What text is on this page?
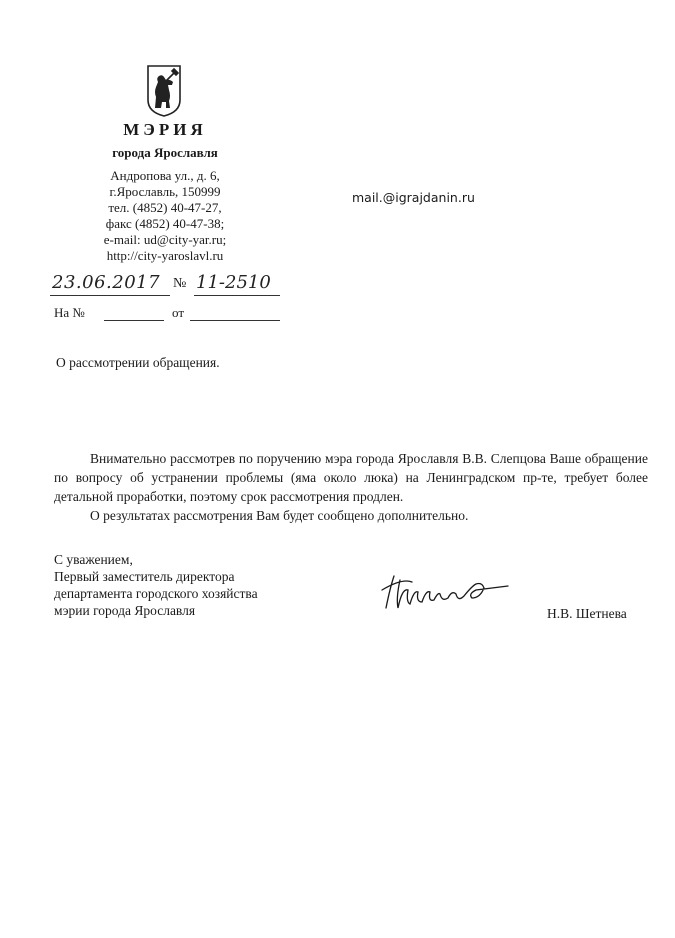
МЭРИЯ
города Ярославля
Андропова ул., д. 6,
г.Ярославль, 150999
тел. (4852) 40-47-27,
факс (4852) 40-47-38;
e-mail: ud@city-yar.ru;
http://city-yaroslavl.ru
mail.@igrajdanin.ru
23.06.2017 № 11-2510
На №	от
О рассмотрении обращения.

Внимательно рассмотрев по поручению мэра города Ярославля В.В. Слепцова Ваше обращение по вопросу об устранении проблемы (яма около люка) на Ленинградском пр-те, требует более детальной проработки, поэтому срок рассмотрения продлен.

О результатах рассмотрения Вам будет сообщено дополнительно.

С уважением,
Первый заместитель директора
департамента городского хозяйства
мэрии города Ярославля	Н.В. Шетнева
